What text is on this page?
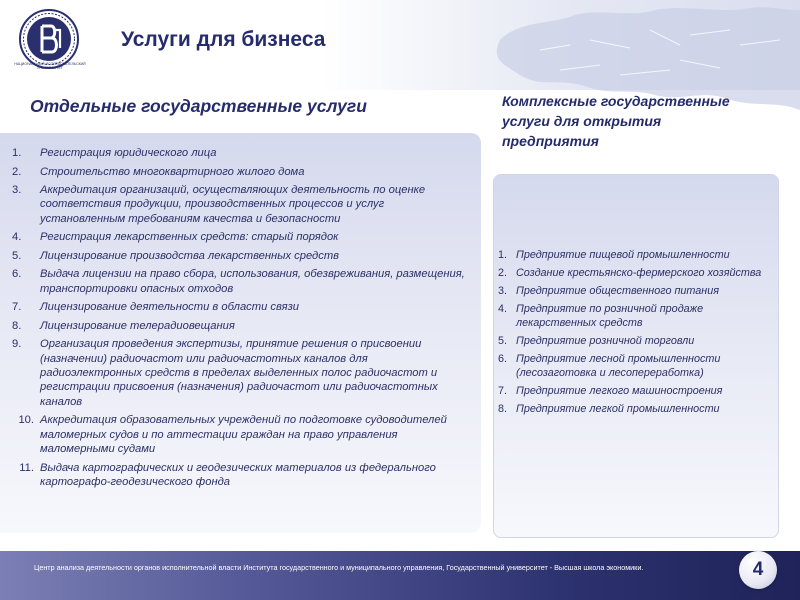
НАЦИОНАЛЬНЫЙ ИССЛЕДОВАТЕЛЬСКИЙ УНИВЕРСИТЕТ
Услуги для бизнеса
Отдельные государственные услуги	Комплексные государственные услуги для открытия предприятия

1.	Регистрация юридического лица
2.	Строительство многоквартирного жилого дома
3.	Аккредитация организаций, осуществляющих деятельность по оценке соответствия продукции, производственных процессов и услуг установленным требованиям качества и безопасности
4.	Регистрация лекарственных средств: старый порядок
5.	Лицензирование производства лекарственных средств
6.	Выдача лицензии на право сбора, использования, обезвреживания, размещения, транспортировки опасных отходов
7.	Лицензирование деятельности в области связи
8.	Лицензирование телерадиовещания
9.	Организация проведения экспертизы, принятие решения о присвоении (назначении) радиочастот или радиочастотных каналов для радиоэлектронных средств в пределах выделенных полос радиочастот и регистрации присвоения (назначения) радиочастот или радиочастотных каналов
10. Аккредитация образовательных учреждений по подготовке судоводителей маломерных судов и по аттестации граждан на право управления маломерными судами
11. Выдача картографических и геодезических материалов из федерального картографо-геодезического фонда
1. Предприятие пищевой промышленности
2. Создание крестьянско-фермерского хозяйства
3. Предприятие общественного питания
4. Предприятие по розничной продаже лекарственных средств
5. Предприятие розничной торговли
6. Предприятие лесной промышленности (лесозаготовка и лесопереработка)
7. Предприятие легкого машиностроения
8. Предприятие легкой промышленности
Центр анализа деятельности органов исполнительной власти Института государственного и муниципального управления, Государственный университет - Высшая школа экономики.	4
